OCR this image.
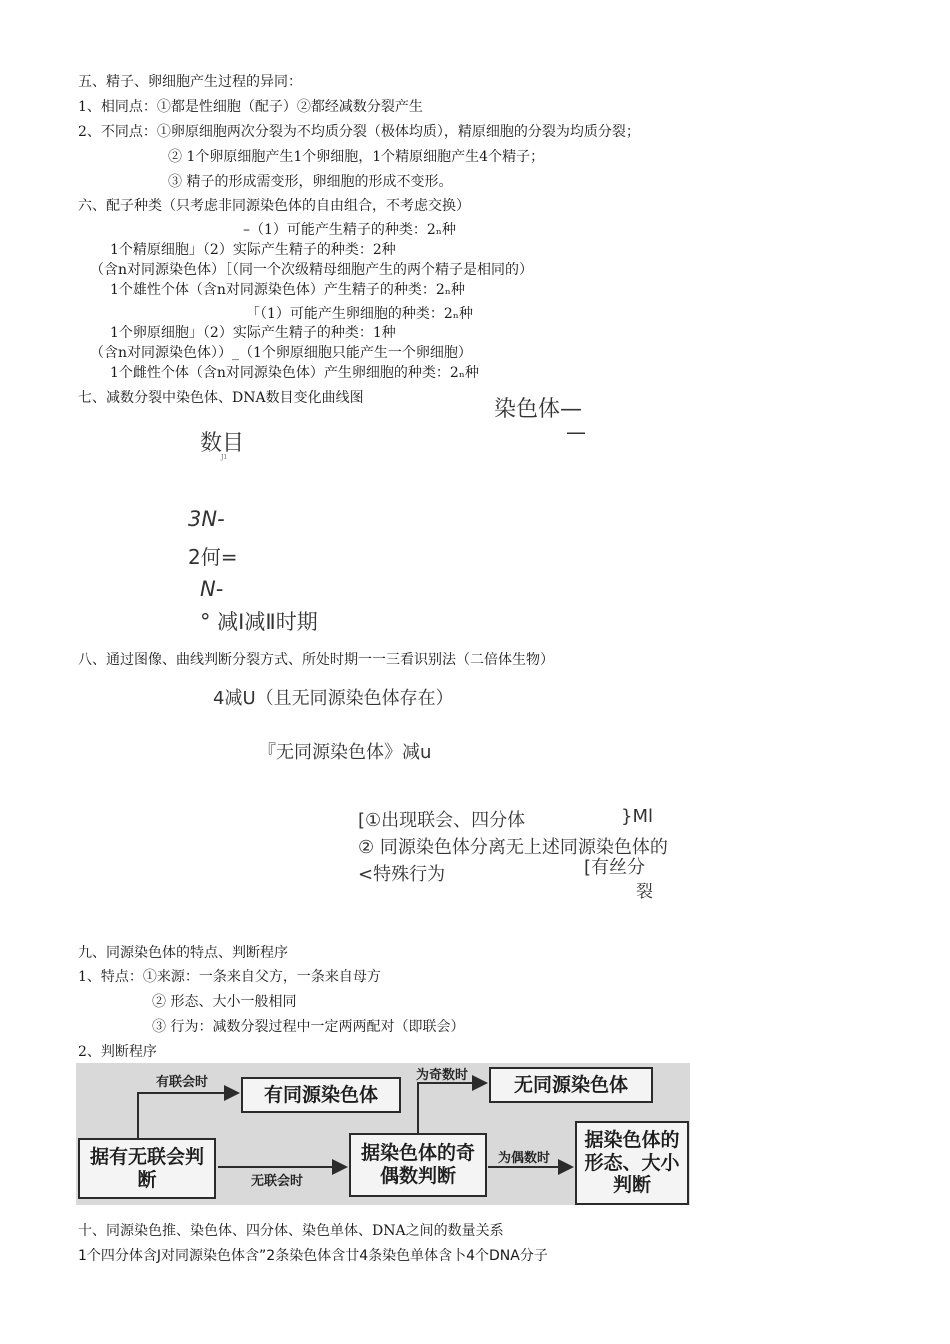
五、精子、卵细胞产生过程的异同：
1、相同点：①都是性细胞（配子）②都经减数分裂产生
2、不同点：①卵原细胞两次分裂为不均质分裂（极体均质），精原细胞的分裂为均质分裂；
② 1个卵原细胞产生1个卵细胞，1个精原细胞产生4个精子；
③ 精子的形成需变形，卵细胞的形成不变形。
六、配子种类（只考虑非同源染色体的自由组合，不考虑交换）
–（1）可能产生精子的种类：2ₙ种
1个精原细胞」（2）实际产生精子的种类：2种
（含n对同源染色体）［（同一个次级精母细胞产生的两个精子是相同的）
1个雄性个体（含n对同源染色体）产生精子的种类：2ₙ种
「（1）可能产生卵细胞的种类：2ₙ种
1个卵原细胞」（2）实际产生精子的种类：1种
（含n对同源染色体））_（1个卵原细胞只能产生一个卵细胞）
1个雌性个体（含n对同源染色体）产生卵细胞的种类：2ₙ种
七、减数分裂中染色体、DNA数目变化曲线图	染色体—
—
数目
J1
3N-
2何=
N-
° 减Ⅰ减Ⅱ时期
八、通过图像、曲线判断分裂方式、所处时期一一三看识别法（二倍体生物）
4减U（且无同源染色体存在）
『无同源染色体》减u
[①出现联会、四分体
② 同源染色体分离无上述同源染色体的
<特殊行为
}Ml
[有丝分
裂
九、同源染色体的特点、判断程序
1、特点：①来源：一条来自父方，一条来自母方
② 形态、大小一般相同
③ 行为：减数分裂过程中一定两两配对（即联会）
2、判断程序
据有无联会判断
有同源染色体
据染色体的奇偶数判断
无同源染色体
据染色体的形态、大小判断
有联会时
无联会时
为奇数时
为偶数时
十、同源染色推、染色体、四分体、染色单体、DNA之间的数量关系
1个四分体含J对同源染色体含”2条染色体含廿4条染色单体含卜4个DNA分子
